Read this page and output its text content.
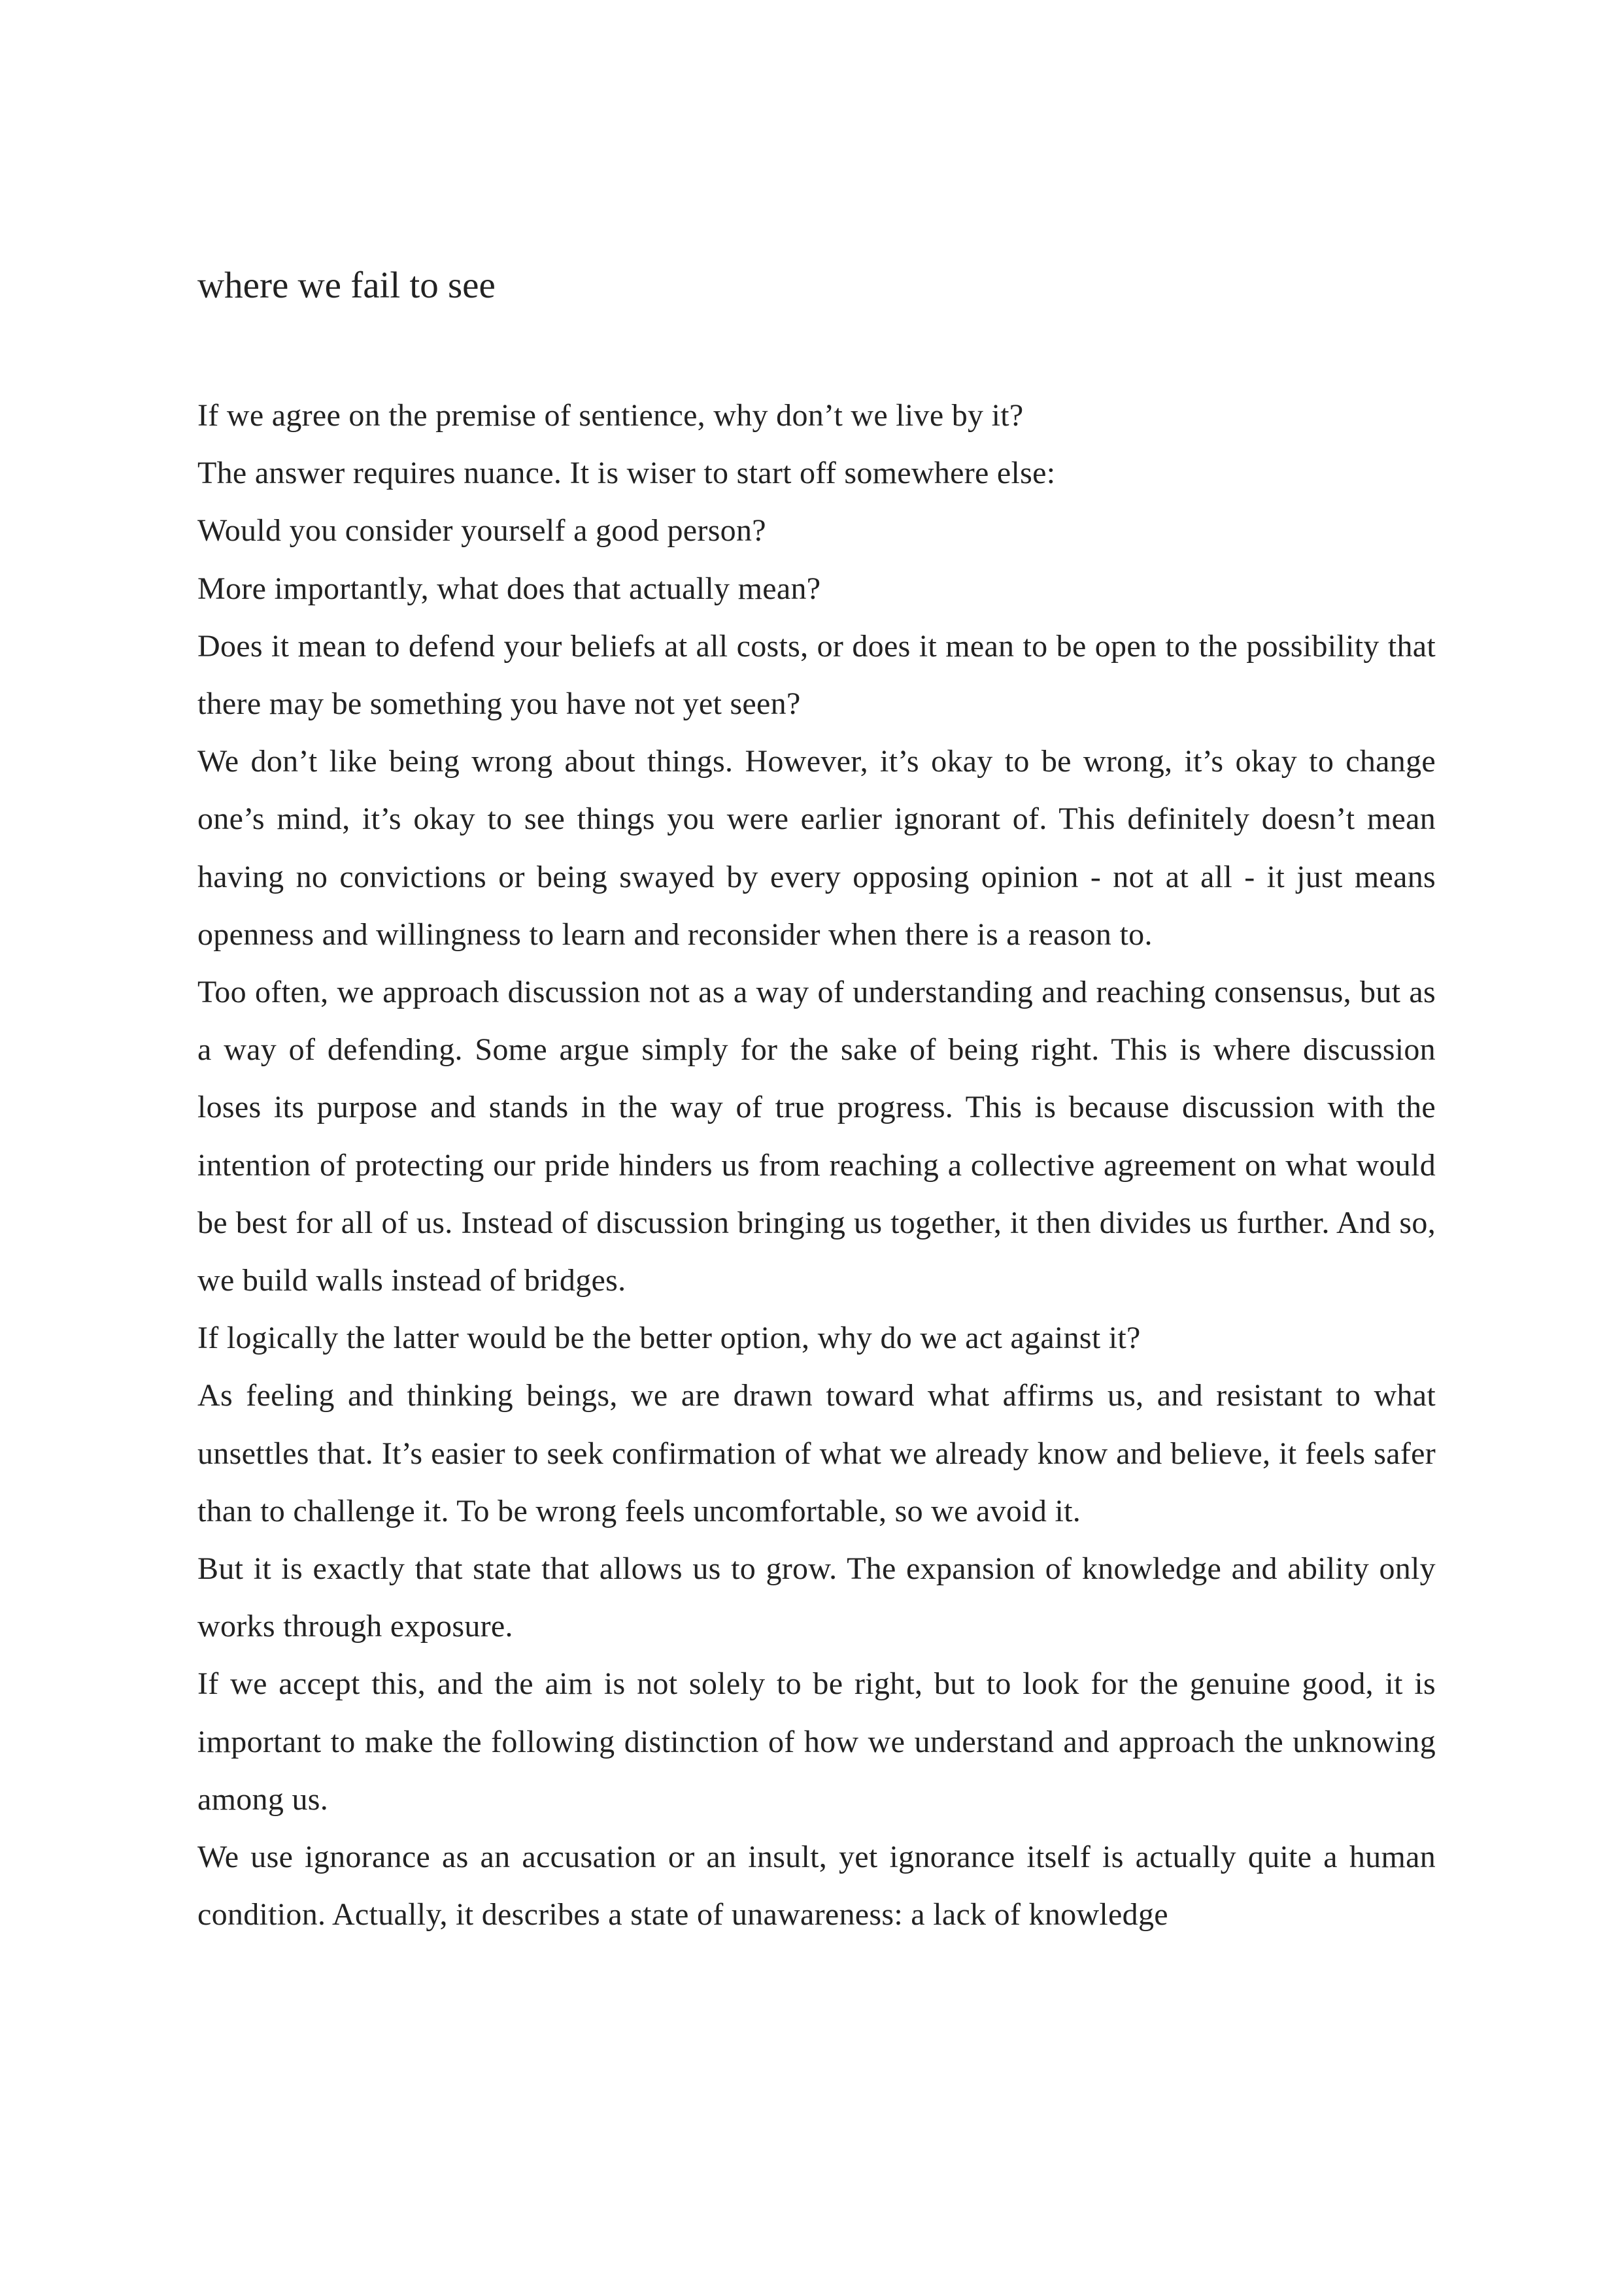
where we fail to see

If we agree on the premise of sentience, why don’t we live by it?

The answer requires nuance. It is wiser to start off somewhere else:

Would you consider yourself a good person?

More importantly, what does that actually mean?

Does it mean to defend your beliefs at all costs, or does it mean to be open to the possibility that there may be something you have not yet seen?

We don’t like being wrong about things. However, it’s okay to be wrong, it’s okay to change one’s mind, it’s okay to see things you were earlier ignorant of. This definitely doesn’t mean having no convictions or being swayed by every opposing opinion - not at all - it just means openness and willingness to learn and reconsider when there is a reason to.

Too often, we approach discussion not as a way of understanding and reaching consensus, but as a way of defending. Some argue simply for the sake of being right. This is where discussion loses its purpose and stands in the way of true progress. This is because discussion with the intention of protecting our pride hinders us from reaching a collective agreement on what would be best for all of us. Instead of discussion bringing us together, it then divides us further. And so, we build walls instead of bridges.

If logically the latter would be the better option, why do we act against it?

As feeling and thinking beings, we are drawn toward what affirms us, and resistant to what unsettles that. It’s easier to seek confirmation of what we already know and believe, it feels safer than to challenge it. To be wrong feels uncomfortable, so we avoid it.

But it is exactly that state that allows us to grow. The expansion of knowledge and ability only works through exposure.

If we accept this, and the aim is not solely to be right, but to look for the genuine good, it is important to make the following distinction of how we understand and approach the unknowing among us.

We use ignorance as an accusation or an insult, yet ignorance itself is actually quite a human condition. Actually, it describes a state of unawareness: a lack of knowledge
